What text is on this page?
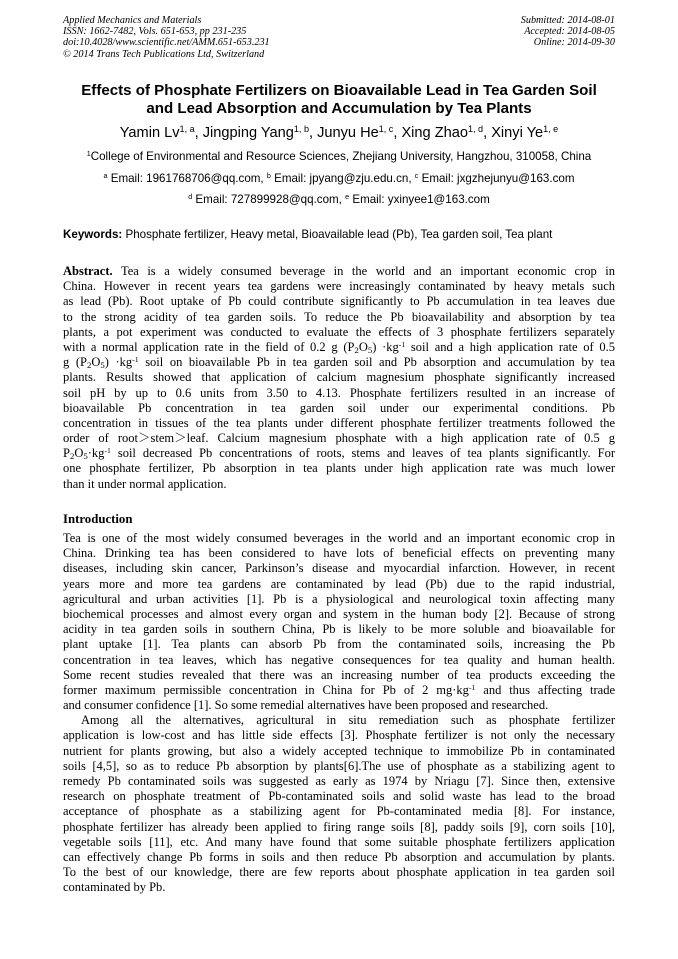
Applied Mechanics and Materials
ISSN: 1662-7482, Vols. 651-653, pp 231-235
doi:10.4028/www.scientific.net/AMM.651-653.231
© 2014 Trans Tech Publications Ltd, Switzerland
Submitted: 2014-08-01
Accepted: 2014-08-05
Online: 2014-09-30
Effects of Phosphate Fertilizers on Bioavailable Lead in Tea Garden Soil
and Lead Absorption and Accumulation by Tea Plants
Yamin Lv$^{1, a}$, Jingping Yang$^{1, b}$, Junyu He$^{1, c}$, Xing Zhao$^{1, d}$, Xinyi Ye$^{1, e}$
$^1$College of Environmental and Resource Sciences, Zhejiang University, Hangzhou, 310058, China
$^a$ Email: 1961768706@qq.com, $^b$ Email: jpyang@zju.edu.cn, $^c$ Email: jxgzhejunyu@163.com
$^d$ Email: 727899928@qq.com, $^e$ Email: yxinyee1@163.com
Keywords: Phosphate fertilizer, Heavy metal, Bioavailable lead (Pb), Tea garden soil, Tea plant
Abstract. Tea is a widely consumed beverage in the world and an important economic crop in
China. However in recent years tea gardens were increasingly contaminated by heavy metals such
as lead (Pb). Root uptake of Pb could contribute significantly to Pb accumulation in tea leaves due
to the strong acidity of tea garden soils. To reduce the Pb bioavailability and absorption by tea
plants, a pot experiment was conducted to evaluate the effects of 3 phosphate fertilizers separately
with a normal application rate in the field of 0.2 g $(P_2O_5) \cdot kg^{-1}$ soil and a high application rate of 0.5
g $(P_2O_5) \cdot kg^{-1}$ soil on bioavailable Pb in tea garden soil and Pb absorption and accumulation by tea
plants. Results showed that application of calcium magnesium phosphate significantly increased
soil pH by up to 0.6 units from 3.50 to 4.13. Phosphate fertilizers resulted in an increase of
bioavailable Pb concentration in tea garden soil under our experimental conditions. Pb
concentration in tissues of the tea plants under different phosphate fertilizer treatments followed the
order of root＞stem＞leaf. Calcium magnesium phosphate with a high application rate of 0.5 g
$P_2O_5\cdot kg^{-1}$ soil decreased Pb concentrations of roots, stems and leaves of tea plants significantly. For
one phosphate fertilizer, Pb absorption in tea plants under high application rate was much lower
than it under normal application.
Introduction
Tea is one of the most widely consumed beverages in the world and an important economic crop in
China. Drinking tea has been considered to have lots of beneficial effects on preventing many
diseases, including skin cancer, Parkinson’s disease and myocardial infarction. However, in recent
years more and more tea gardens are contaminated by lead (Pb) due to the rapid industrial,
agricultural and urban activities [1]. Pb is a physiological and neurological toxin affecting many
biochemical processes and almost every organ and system in the human body [2]. Because of strong
acidity in tea garden soils in southern China, Pb is likely to be more soluble and bioavailable for
plant uptake [1]. Tea plants can absorb Pb from the contaminated soils, increasing the Pb
concentration in tea leaves, which has negative consequences for tea quality and human health.
Some recent studies revealed that there was an increasing number of tea products exceeding the
former maximum permissible concentration in China for Pb of 2 $mg\cdot kg^{-1}$ and thus affecting trade
and consumer confidence [1]. So some remedial alternatives have been proposed and researched.
Among all the alternatives, agricultural in situ remediation such as phosphate fertilizer
application is low-cost and has little side effects [3]. Phosphate fertilizer is not only the necessary
nutrient for plants growing, but also a widely accepted technique to immobilize Pb in contaminated
soils [4,5], so as to reduce Pb absorption by plants[6].The use of phosphate as a stabilizing agent to
remedy Pb contaminated soils was suggested as early as 1974 by Nriagu [7]. Since then, extensive
research on phosphate treatment of Pb-contaminated soils and solid waste has lead to the broad
acceptance of phosphate as a stabilizing agent for Pb-contaminated media [8]. For instance,
phosphate fertilizer has already been applied to firing range soils [8], paddy soils [9], corn soils [10],
vegetable soils [11], etc. And many have found that some suitable phosphate fertilizers application
can effectively change Pb forms in soils and then reduce Pb absorption and accumulation by plants.
To the best of our knowledge, there are few reports about phosphate application in tea garden soil
contaminated by Pb.
